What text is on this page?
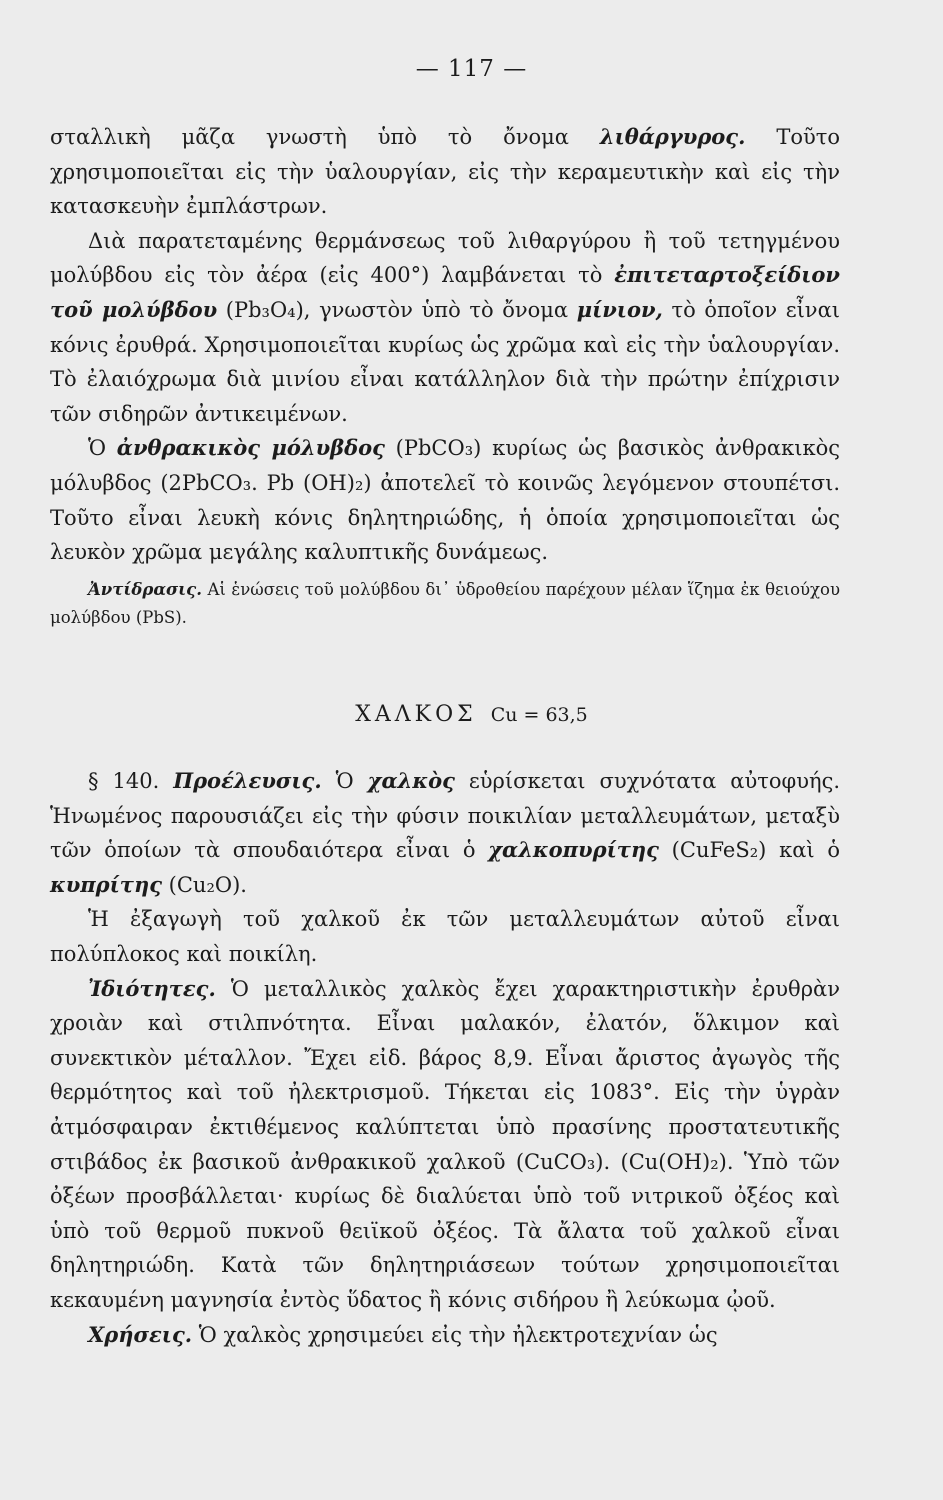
— 117 —

σταλλικὴ μᾶζα γνωστὴ ὑπὸ τὸ ὄνομα λιθάργυρος. Τοῦτο χρησιμοποιεῖται εἰς τὴν ὑαλουργίαν, εἰς τὴν κεραμευτικὴν καὶ εἰς τὴν κατασκευὴν ἐμπλάστρων.

Διὰ παρατεταμένης θερμάνσεως τοῦ λιθαργύρου ἢ τοῦ τετηγμένου μολύβδου εἰς τὸν ἀέρα (εἰς 400°) λαμβάνεται τὸ ἐπιτεταρτοξείδιον τοῦ μολύβδου (Pb₃O₄), γνωστὸν ὑπὸ τὸ ὄνομα μίνιον, τὸ ὁποῖον εἶναι κόνις ἐρυθρά. Χρησιμοποιεῖται κυρίως ὡς χρῶμα καὶ εἰς τὴν ὑαλουργίαν. Τὸ ἐλαιόχρωμα διὰ μινίου εἶναι κατάλληλον διὰ τὴν πρώτην ἐπίχρισιν τῶν σιδηρῶν ἀντικειμένων.

Ὁ ἀνθρακικὸς μόλυβδος (PbCO₃) κυρίως ὡς βασικὸς ἀνθρακικὸς μόλυβδος (2PbCO₃. Pb (OH)₂) ἀποτελεῖ τὸ κοινῶς λεγόμενον στουπέτσι. Τοῦτο εἶναι λευκὴ κόνις δηλητηριώδης, ἡ ὁποία χρησιμοποιεῖται ὡς λευκὸν χρῶμα μεγάλης καλυπτικῆς δυνάμεως.

Ἀντίδρασις. Αἱ ἑνώσεις τοῦ μολύβδου δι᾽ ὑδροθείου παρέχουν μέλαν ἵζημα ἐκ θειούχου μολύβδου (PbS).

ΧΑΛΚΟΣ Cu = 63,5

§ 140. Προέλευσις. Ὁ χαλκὸς εὑρίσκεται συχνότατα αὐτοφυής. Ἡνωμένος παρουσιάζει εἰς τὴν φύσιν ποικιλίαν μεταλλευμάτων, μεταξὺ τῶν ὁποίων τὰ σπουδαιότερα εἶναι ὁ χαλκοπυρίτης (CuFeS₂) καὶ ὁ κυπρίτης (Cu₂O).

Ἡ ἐξαγωγὴ τοῦ χαλκοῦ ἐκ τῶν μεταλλευμάτων αὐτοῦ εἶναι πολύπλοκος καὶ ποικίλη.

Ἰδιότητες. Ὁ μεταλλικὸς χαλκὸς ἔχει χαρακτηριστικὴν ἐρυθρὰν χροιὰν καὶ στιλπνότητα. Εἶναι μαλακόν, ἐλατόν, ὅλκιμον καὶ συνεκτικὸν μέταλλον. Ἔχει εἰδ. βάρος 8,9. Εἶναι ἄριστος ἀγωγὸς τῆς θερμότητος καὶ τοῦ ἠλεκτρισμοῦ. Τήκεται εἰς 1083°. Εἰς τὴν ὑγρὰν ἀτμόσφαιραν ἐκτιθέμενος καλύπτεται ὑπὸ πρασίνης προστατευτικῆς στιβάδος ἐκ βασικοῦ ἀνθρακικοῦ χαλκοῦ (CuCO₃). (Cu(OH)₂). Ὑπὸ τῶν ὀξέων προσβάλλεται· κυρίως δὲ διαλύεται ὑπὸ τοῦ νιτρικοῦ ὀξέος καὶ ὑπὸ τοῦ θερμοῦ πυκνοῦ θειϊκοῦ ὀξέος. Τὰ ἄλατα τοῦ χαλκοῦ εἶναι δηλητηριώδη. Κατὰ τῶν δηλητηριάσεων τούτων χρησιμοποιεῖται κεκαυμένη μαγνησία ἐντὸς ὕδατος ἢ κόνις σιδήρου ἢ λεύκωμα ᾠοῦ.

Χρήσεις. Ὁ χαλκὸς χρησιμεύει εἰς τὴν ἠλεκτροτεχνίαν ὡς
